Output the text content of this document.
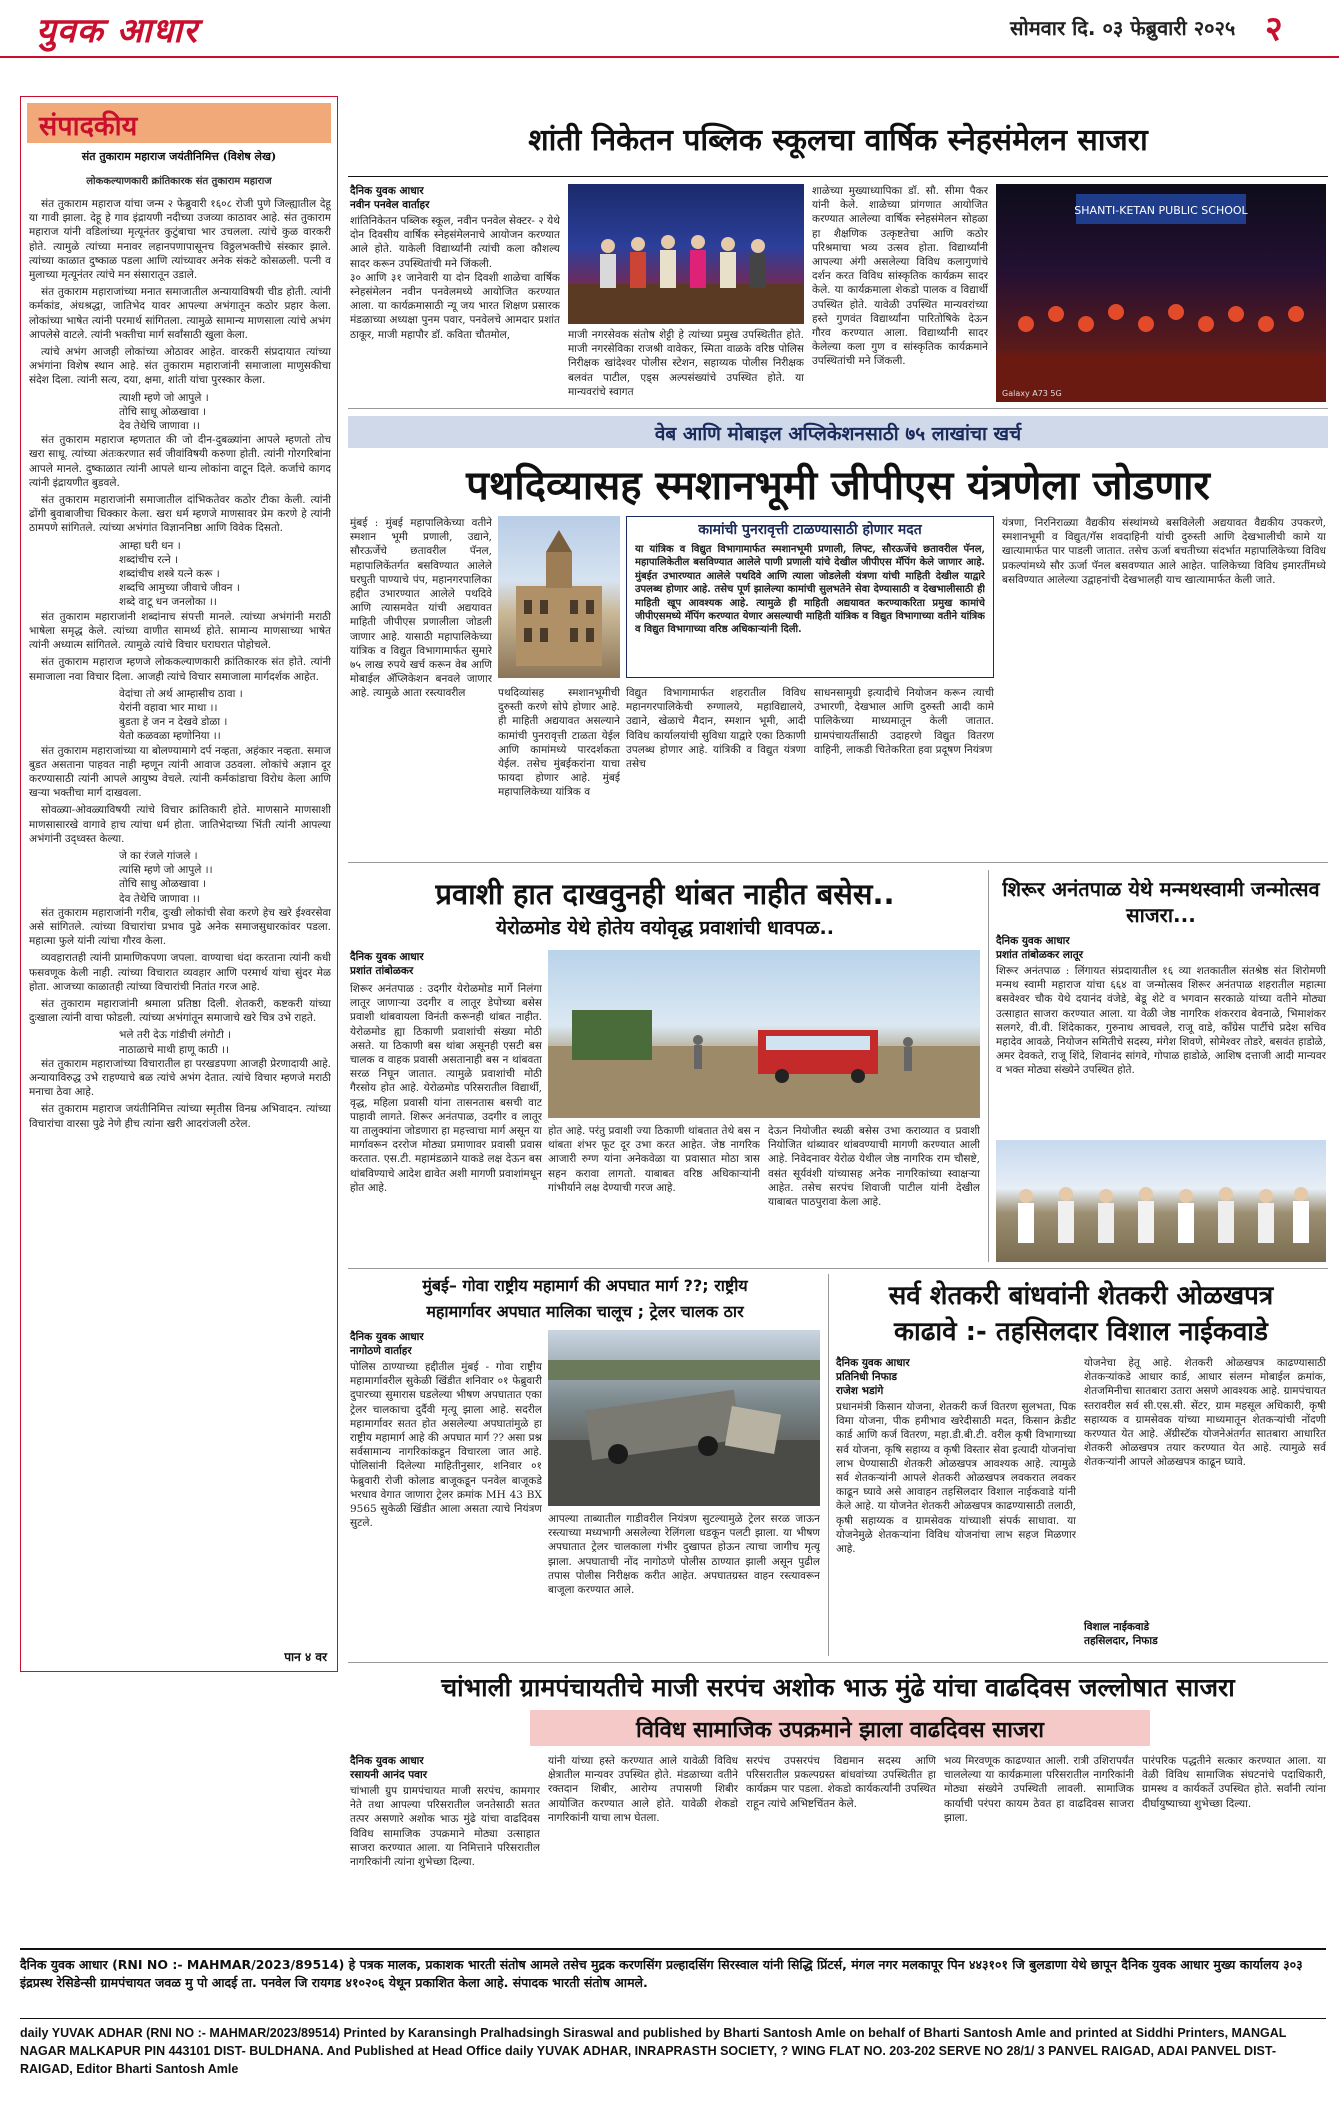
युवक आधार	सोमवार दि. ०३ फेब्रुवारी २०२५ २
संपादकीय
संत तुकाराम महाराज जयंतीनिमित्त (विशेष लेख)
लोककल्याणकारी क्रांतिकारक संत तुकाराम महाराज

संत तुकाराम महाराज यांचा जन्म २ फेब्रुवारी १६०८ रोजी पुणे जिल्ह्यातील देहू या गावी झाला. देहू हे गाव इंद्रायणी नदीच्या उजव्या काठावर आहे. संत तुकाराम महाराज यांनी वडिलांच्या मृत्यूनंतर कुटुंबाचा भार उचलला. त्यांचे कुळ वारकरी होते. त्यामुळे त्यांच्या मनावर लहानपणापासूनच विठ्ठलभक्तीचे संस्कार झाले. त्यांच्या काळात दुष्काळ पडला आणि त्यांच्यावर अनेक संकटे कोसळली. पत्नी व मुलाच्या मृत्यूनंतर त्यांचे मन संसारातून उडाले.

संत तुकाराम महाराजांच्या मनात समाजातील अन्यायाविषयी चीड होती. त्यांनी कर्मकांड, अंधश्रद्धा, जातिभेद यावर आपल्या अभंगातून कठोर प्रहार केला. लोकांच्या भाषेत त्यांनी परमार्थ सांगितला. त्यामुळे सामान्य माणसाला त्यांचे अभंग आपलेसे वाटले. त्यांनी भक्तीचा मार्ग सर्वांसाठी खुला केला.

त्यांचे अभंग आजही लोकांच्या ओठावर आहेत. वारकरी संप्रदायात त्यांच्या अभंगांना विशेष स्थान आहे. संत तुकाराम महाराजांनी समाजाला माणुसकीचा संदेश दिला. त्यांनी सत्य, दया, क्षमा, शांती यांचा पुरस्कार केला.

त्याशी म्हणे जो आपुले ।
तोचि साधू ओळखावा ।
देव तेथेचि जाणावा ।।

संत तुकाराम महाराज म्हणतात की जो दीन-दुबळ्यांना आपले म्हणतो तोच खरा साधू. त्यांच्या अंतःकरणात सर्व जीवांविषयी करुणा होती. त्यांनी गोरगरिबांना आपले मानले. दुष्काळात त्यांनी आपले धान्य लोकांना वाटून दिले. कर्जाचे कागद त्यांनी इंद्रायणीत बुडवले.

संत तुकाराम महाराजांनी समाजातील दांभिकतेवर कठोर टीका केली. त्यांनी ढोंगी बुवाबाजीचा धिक्कार केला. खरा धर्म म्हणजे माणसावर प्रेम करणे हे त्यांनी ठामपणे सांगितले. त्यांच्या अभंगांत विज्ञाननिष्ठा आणि विवेक दिसतो.

आम्हा घरी धन ।
शब्दांचीच रत्ने ।
शब्दांचीच शस्त्रे यत्ने करू ।
शब्दचि आमुच्या जीवाचे जीवन ।
शब्दे वाटू धन जनलोका ।।

संत तुकाराम महाराजांनी शब्दांनाच संपत्ती मानले. त्यांच्या अभंगांनी मराठी भाषेला समृद्ध केले. त्यांच्या वाणीत सामर्थ्य होते. सामान्य माणसाच्या भाषेत त्यांनी अध्यात्म सांगितले. त्यामुळे त्यांचे विचार घराघरात पोहोचले.

संत तुकाराम महाराज म्हणजे लोककल्याणकारी क्रांतिकारक संत होते. त्यांनी समाजाला नवा विचार दिला. आजही त्यांचे विचार समाजाला मार्गदर्शक आहेत.

वेदांचा तो अर्थ आम्हासीच ठावा ।
येरांनी वहावा भार माथा ।।
बुडता हे जन न देखवे डोळा ।
येतो कळवळा म्हणोनिया ।।

संत तुकाराम महाराजांच्या या बोलण्यामागे दर्प नव्हता, अहंकार नव्हता. समाज बुडत असताना पाहवत नाही म्हणून त्यांनी आवाज उठवला. लोकांचे अज्ञान दूर करण्यासाठी त्यांनी आपले आयुष्य वेचले. त्यांनी कर्मकांडाचा विरोध केला आणि खऱ्या भक्तीचा मार्ग दाखवला.

सोवळ्या-ओवळ्याविषयी त्यांचे विचार क्रांतिकारी होते. माणसाने माणसाशी माणसासारखे वागावे हाच त्यांचा धर्म होता. जातिभेदाच्या भिंती त्यांनी आपल्या अभंगांनी उद्ध्वस्त केल्या.

जे का रंजले गांजले ।
त्यांसि म्हणे जो आपुले ।।
तोचि साधु ओळखावा ।
देव तेथेचि जाणावा ।।

संत तुकाराम महाराजांनी गरीब, दुःखी लोकांची सेवा करणे हेच खरे ईश्वरसेवा असे सांगितले. त्यांच्या विचारांचा प्रभाव पुढे अनेक समाजसुधारकांवर पडला. महात्मा फुले यांनी त्यांचा गौरव केला.

व्यवहारातही त्यांनी प्रामाणिकपणा जपला. वाण्याचा धंदा करताना त्यांनी कधी फसवणूक केली नाही. त्यांच्या विचारात व्यवहार आणि परमार्थ यांचा सुंदर मेळ होता. आजच्या काळातही त्यांच्या विचारांची नितांत गरज आहे.

संत तुकाराम महाराजांनी श्रमाला प्रतिष्ठा दिली. शेतकरी, कष्टकरी यांच्या दुःखाला त्यांनी वाचा फोडली. त्यांच्या अभंगांतून समाजाचे खरे चित्र उभे राहते.

भले तरी देऊ गांडीची लंगोटी ।
नाठाळाचे माथी हाणू काठी ।।

संत तुकाराम महाराजांच्या विचारातील हा परखडपणा आजही प्रेरणादायी आहे. अन्यायाविरुद्ध उभे राहण्याचे बळ त्यांचे अभंग देतात. त्यांचे विचार म्हणजे मराठी मनाचा ठेवा आहे.

संत तुकाराम महाराज जयंतीनिमित्त त्यांच्या स्मृतीस विनम्र अभिवादन. त्यांच्या विचारांचा वारसा पुढे नेणे हीच त्यांना खरी आदरांजली ठरेल.

पान ४ वर
शांती निकेतन पब्लिक स्कूलचा वार्षिक स्नेहसंमेलन साजरा
दैनिक युवक आधार
नवीन पनवेल वार्ताहर
शांतिनिकेतन पब्लिक स्कूल, नवीन पनवेल सेक्टर- २ येथे दोन दिवसीय वार्षिक स्नेहसंमेलनाचे आयोजन करण्यात आले होते. याकेली विद्यार्थ्यांनी त्यांची कला कौशल्य सादर करून उपस्थितांची मने जिंकली.
३० आणि ३१ जानेवारी या दोन दिवशी शाळेचा वार्षिक स्नेहसंमेलन नवीन पनवेलमध्ये आयोजित करण्यात आला. या कार्यक्रमासाठी न्यू जय भारत शिक्षण प्रसारक मंडळाच्या अध्यक्षा पुनम पवार, पनवेलचे आमदार प्रशांत ठाकूर, माजी महापौर डॉ. कविता चौतमोल,	माजी नगरसेवक संतोष शेट्टी हे त्यांच्या प्रमुख उपस्थितीत होते. माजी नगरसेविका राजश्री वावेकर, स्मिता वाळके वरिष्ठ पोलिस निरीक्षक खांदेश्वर पोलीस स्टेशन, सहाय्यक पोलीस निरीक्षक बलवंत पाटील, एड्स अल्पसंख्यांचे उपस्थित होते. या मान्यवरांचे स्वागत
शाळेच्या मुख्याध्यापिका डॉ. सौ. सीमा पैकर यांनी केले. शाळेच्या प्रांगणात आयोजित करण्यात आलेल्या वार्षिक स्नेहसंमेलन सोहळा हा शैक्षणिक उत्कृष्टतेचा आणि कठोर परिश्रमाचा भव्य उत्सव होता. विद्यार्थ्यांनी आपल्या अंगी असलेल्या विविध कलागुणांचे दर्शन करत विविध सांस्कृतिक कार्यक्रम सादर केले. या कार्यक्रमाला शेकडो पालक व विद्यार्थी उपस्थित होते. यावेळी उपस्थित मान्यवरांच्या हस्ते गुणवंत विद्यार्थ्यांना पारितोषिके देऊन गौरव करण्यात आला. विद्यार्थ्यांनी सादर केलेल्या कला गुण व सांस्कृतिक कार्यक्रमाने उपस्थितांची मने जिंकली.
SHANTI-KETAN PUBLIC SCHOOL
Galaxy A73 5G
वेब आणि मोबाइल अप्लिकेशनसाठी ७५ लाखांचा खर्च
पथदिव्यासह स्मशानभूमी जीपीएस यंत्रणेला जोडणार
मुंबई : मुंबई महापालिकेच्या वतीने स्मशान भूमी प्रणाली, उद्याने, सौरऊर्जेचे छतावरील पॅनल, महापालिकेंतर्गत बसविण्यात आलेले घरघुती पाण्याचे पंप, महानगरपालिका हद्दीत उभारण्यात आलेले पथदिवे आणि त्यासमवेत यांची अद्ययावत माहिती जीपीएस प्रणालीला जोडली जाणार आहे. यासाठी महापालिकेच्या यांत्रिक व विद्युत विभागामार्फत सुमारे ७५ लाख रुपये खर्च करून वेब आणि मोबाईल अ‍ॅप्लिकेशन बनवले जाणार आहे. त्यामुळे आता रस्त्यावरील
कामांची पुनरावृत्ती टाळण्यासाठी होणार मदत
या यांत्रिक व विद्युत विभागामार्फत स्मशानभूमी प्रणाली, लिफ्ट, सौरऊर्जेचे छतावरील पॅनल, महापालिकेतील बसविण्यात आलेले पाणी प्रणाली यांचे देखील जीपीएस मॅपिंग केले जाणार आहे. मुंबईत उभारण्यात आलेले पथदिवे आणि त्याला जोडलेली यंत्रणा यांची माहिती देखील याद्वारे उपलब्ध होणार आहे. तसेच पूर्ण झालेल्या कामांची सुलभतेने सेवा देण्यासाठी व देखभालीसाठी ही माहिती खूप आवश्यक आहे. त्यामुळे ही माहिती अद्ययावत करण्याकरिता प्रमुख कामांचे जीपीएसमध्ये मॅपिंग करण्यात येणार असल्याची माहिती यांत्रिक व विद्युत विभागाच्या वतीने यांत्रिक व विद्युत विभागाच्या वरिष्ठ अधिकाऱ्यांनी दिली.
पथदिव्यांसह स्मशानभूमीची दुरुस्ती करणे सोपे होणार आहे. ही माहिती अद्ययावत असल्याने कामांची पुनरावृत्ती टाळता येईल आणि कामांमध्ये पारदर्शकता येईल. तसेच मुंबईकरांना याचा फायदा होणार आहे. मुंबई महापालिकेच्या यांत्रिक व
विद्युत विभागामार्फत शहरातील विविध महानगरपालिकेची रुग्णालये, महाविद्यालये, उद्याने, खेळाचे मैदान, स्मशान भूमी, आदी विविध कार्यालयांची सुविधा याद्वारे एका ठिकाणी उपलब्ध होणार आहे. यांत्रिकी व विद्युत यंत्रणा तसेच
साधनसामुग्री इत्यादीचे नियोजन करून त्याची उभारणी, देखभाल आणि दुरुस्ती आदी कामे पालिकेच्या माध्यमातून केली जातात. ग्रामपंचायतींसाठी उदाहरणे विद्युत वितरण वाहिनी, लाकडी चितेकरिता हवा प्रदूषण नियंत्रण
यंत्रणा, निरनिराळ्या वैद्यकीय संस्थांमध्ये बसविलेली अद्ययावत वैद्यकीय उपकरणे, स्मशानभूमी व विद्युत/गॅस शवदाहिनी यांची दुरुस्ती आणि देखभालीची कामे या खात्यामार्फत पार पाडली जातात. तसेच ऊर्जा बचतीच्या संदर्भात महापालिकेच्या विविध प्रकल्पांमध्ये सौर ऊर्जा पॅनल बसवण्यात आले आहेत. पालिकेच्या विविध इमारतींमध्ये बसविण्यात आलेल्या उद्वाहनांची देखभालही याच खात्यामार्फत केली जाते.
प्रवाशी हात दाखवुनही थांबत नाहीत बसेस..
येरोळमोड येथे होतेय वयोवृद्ध प्रवाशांची धावपळ..
दैनिक युवक आधार
प्रशांत तांबोळकर
शिरूर अनंतपाळ : उदगीर येरोळमोड मार्गे निलंगा लातूर जाणाऱ्या उदगीर व लातूर डेपोच्या बसेस प्रवाशी थांबवायला विनंती करूनही थांबत नाहीत. येरोळमोड ह्या ठिकाणी प्रवाशांची संख्या मोठी असते. या ठिकाणी बस थांबा असूनही एसटी बस चालक व वाहक प्रवासी असतानाही बस न थांबवता सरळ निघून जातात. त्यामुळे प्रवाशांची मोठी गैरसोय होत आहे. येरोळमोड परिसरातील विद्यार्थी, वृद्ध, महिला प्रवासी यांना तासनतास बसची वाट पाहावी लागते. शिरूर अनंतपाळ, उदगीर व लातूर या तालुक्यांना जोडणारा हा महत्त्वाचा मार्ग असून या मार्गावरून दररोज मोठ्या प्रमाणावर प्रवासी प्रवास करतात. एस.टी. महामंडळाने याकडे लक्ष देऊन बस थांबविण्याचे आदेश द्यावेत अशी मागणी प्रवाशांमधून होत आहे.
होत आहे. परंतु प्रवाशी ज्या ठिकाणी थांबतात तेथे बस न थांबता शंभर फूट दूर उभा करत आहेत. जेष्ठ नागरिक आजारी रुग्ण यांना अनेकवेळा या प्रवासात मोठा त्रास सहन करावा लागतो. याबाबत वरिष्ठ अधिकाऱ्यांनी गांभीर्याने लक्ष देण्याची गरज आहे.
देऊन नियोजीत स्थळी बसेस उभा कराव्यात व प्रवाशी नियोजित थांब्यावर थांबवण्याची मागणी करण्यात आली आहे. निवेदनावर येरोळ येथील जेष्ठ नागरिक राम चौसष्टे, वसंत सूर्यवंशी यांच्यासह अनेक नागरिकांच्या स्वाक्षऱ्या आहेत. तसेच सरपंच शिवाजी पाटील यांनी देखील याबाबत पाठपुरावा केला आहे.
शिरूर अनंतपाळ येथे मन्मथस्वामी जन्मोत्सव साजरा...
दैनिक युवक आधार
प्रशांत तांबोळकर लातूर
शिरूर अनंतपाळ : लिंगायत संप्रदायातील १६ व्या शतकातील संतश्रेष्ठ संत शिरोमणी मन्मथ स्वामी महाराज यांचा ६६४ वा जन्मोत्सव शिरूर अनंतपाळ शहरातील महात्मा बसवेश्वर चौक येथे दयानंद वंजेडे, बेडू शेटे व भगवान सरकाळे यांच्या वतीने मोठ्या उत्साहात साजरा करण्यात आला. या वेळी जेष्ठ नागरिक शंकरराव बेवनाळे, भिमाशंकर सलगरे, वी.वी. शिंदेकाकर, गुरुनाथ आचवले, राजू वाडे, काँग्रेस पार्टीचे प्रदेश सचिव महादेव आवळे, नियोजन समितीचे सदस्य, मंगेश शिवणे, सोमेश्वर तोडरे, बसवंत हाडोळे, अमर देवकते, राजू शिंदे, शिवानंद सांगवे, गोपाळ हाडोळे, आशिष दत्ताजी आदी मान्यवर व भक्त मोठ्या संख्येने उपस्थित होते.
मुंबई– गोवा राष्ट्रीय महामार्ग की अपघात मार्ग ??; राष्ट्रीय
महामार्गावर अपघात मालिका चालूच ; ट्रेलर चालक ठार
दैनिक युवक आधार
नागोठणे वार्ताहर
पोलिस ठाण्याच्या हद्दीतील मुंबई - गोवा राष्ट्रीय महामार्गावरील सुकेळी खिंडीत शनिवार ०१ फेब्रुवारी दुपारच्या सुमारास घडलेल्या भीषण अपघातात एका ट्रेलर चालकाचा दुर्दैवी मृत्यू झाला आहे. सदरील महामार्गावर सतत होत असलेल्या अपघातांमुळे हा राष्ट्रीय महामार्ग आहे की अपघात मार्ग ?? असा प्रश्न सर्वसामान्य नागरिकांकडून विचारला जात आहे. पोलिसांनी दिलेल्या माहितीनुसार, शनिवार ०१ फेब्रुवारी रोजी कोलाड बाजूकडून पनवेल बाजूकडे भरधाव वेगात जाणारा ट्रेलर क्रमांक MH 43 BX 9565 सुकेळी खिंडीत आला असता त्याचे नियंत्रण सुटले.	आपल्या ताब्यातील गाडीवरील नियंत्रण सुटल्यामुळे ट्रेलर सरळ जाऊन रस्त्याच्या मध्यभागी असलेल्या रेलिंगला धडकून पलटी झाला. या भीषण अपघातात ट्रेलर चालकाला गंभीर दुखापत होऊन त्याचा जागीच मृत्यू झाला. अपघाताची नोंद नागोठणे पोलीस ठाण्यात झाली असून पुढील तपास पोलीस निरीक्षक करीत आहेत. अपघातग्रस्त वाहन रस्त्यावरून बाजूला करण्यात आले.
सर्व शेतकरी बांधवांनी शेतकरी ओळखपत्र
काढावे :- तहसिलदार विशाल नाईकवाडे
दैनिक युवक आधार
प्रतिनिधी निफाड
राजेश भडांगे
प्रधानमंत्री किसान योजना, शेतकरी कर्ज वितरण सुलभता, पिक विमा योजना, पीक हमीभाव खरेदीसाठी मदत, किसान क्रेडीट कार्ड आणि कर्ज वितरण, महा.डी.बी.टी. वरील कृषी विभागाच्या सर्व योजना, कृषि सहाय्य व कृषी विस्तार सेवा इत्यादी योजनांचा लाभ घेण्यासाठी शेतकरी ओळखपत्र आवश्यक आहे. त्यामुळे सर्व शेतकऱ्यांनी आपले शेतकरी ओळखपत्र लवकरात लवकर काढून घ्यावे असे आवाहन तहसिलदार विशाल नाईकवाडे यांनी केले आहे. या योजनेत शेतकरी ओळखपत्र काढण्यासाठी तलाठी, कृषी सहाय्यक व ग्रामसेवक यांच्याशी संपर्क साधावा. या योजनेमुळे शेतकऱ्यांना विविध योजनांचा लाभ सहज मिळणार आहे.
योजनेचा हेतू आहे. शेतकरी ओळखपत्र काढण्यासाठी शेतकऱ्यांकडे आधार कार्ड, आधार संलग्न मोबाईल क्रमांक, शेतजमिनीचा सातबारा उतारा असणे आवश्यक आहे. ग्रामपंचायत स्तरावरील सर्व सी.एस.सी. सेंटर, ग्राम महसूल अधिकारी, कृषी सहाय्यक व ग्रामसेवक यांच्या माध्यमातून शेतकऱ्यांची नोंदणी करण्यात येत आहे. ॲग्रीस्टॅक योजनेअंतर्गत सातबारा आधारित शेतकरी ओळखपत्र तयार करण्यात येत आहे. त्यामुळे सर्व शेतकऱ्यांनी आपले ओळखपत्र काढून घ्यावे.
विशाल नाईकवाडे
तहसिलदार, निफाड
चांभाली ग्रामपंचायतीचे माजी सरपंच अशोक भाऊ मुंढे यांचा वाढदिवस जल्लोषात साजरा
विविध सामाजिक उपक्रमाने झाला वाढदिवस साजरा
दैनिक युवक आधार
रसायनी आनंद पवार
चांभाली ग्रुप ग्रामपंचायत माजी सरपंच, कामगार नेते तथा आपल्या परिसरातील जनतेसाठी सतत तत्पर असणारे अशोक भाऊ मुंढे यांचा वाढदिवस विविध सामाजिक उपक्रमाने मोठ्या उत्साहात साजरा करण्यात आला. या निमित्ताने परिसरातील नागरिकांनी त्यांना शुभेच्छा दिल्या.
यांनी यांच्या हस्ते करण्यात आले यावेळी विविध क्षेत्रातील मान्यवर उपस्थित होते. मंडळाच्या वतीने रक्तदान शिबीर, आरोग्य तपासणी शिबीर आयोजित करण्यात आले होते. यावेळी शेकडो नागरिकांनी याचा लाभ घेतला.
सरपंच उपसरपंच विद्यमान सदस्य आणि परिसरातील प्रकल्पग्रस्त बांधवांच्या उपस्थितीत हा कार्यक्रम पार पडला. शेकडो कार्यकर्त्यांनी उपस्थित राहून त्यांचे अभिष्टचिंतन केले.
भव्य मिरवणूक काढण्यात आली. रात्री उशिरापर्यंत चाललेल्या या कार्यक्रमाला परिसरातील नागरिकांनी मोठ्या संख्येने उपस्थिती लावली. सामाजिक कार्याची परंपरा कायम ठेवत हा वाढदिवस साजरा झाला.
पारंपरिक पद्धतीने सत्कार करण्यात आला. या वेळी विविध सामाजिक संघटनांचे पदाधिकारी, ग्रामस्थ व कार्यकर्ते उपस्थित होते. सर्वांनी त्यांना दीर्घायुष्याच्या शुभेच्छा दिल्या.
दैनिक युवक आधार (RNI NO :- MAHMAR/2023/89514) हे पत्रक मालक, प्रकाशक भारती संतोष आमले तसेच मुद्रक करणसिंग प्रल्हादसिंग सिरस्वाल यांनी सिद्धि प्रिंटर्स, मंगल नगर मलकापूर पिन ४४३१०१ जि बुलडाणा येथे छापून दैनिक युवक आधार मुख्य कार्यालय ३०३ इंद्रप्रस्थ रेसिडेन्सी ग्रामपंचायत जवळ मु पो आदई ता. पनवेल जि रायगड ४१०२०६ येथून प्रकाशित केला आहे. संपादक भारती संतोष आमले.
daily YUVAK ADHAR (RNI NO :- MAHMAR/2023/89514) Printed by Karansingh Pralhadsingh Siraswal and published by Bharti Santosh Amle on behalf of Bharti Santosh Amle and printed at Siddhi Printers, MANGAL NAGAR MALKAPUR PIN 443101 DIST- BULDHANA. And Published at Head Office daily YUVAK ADHAR, INRAPRASTH SOCIETY, ? WING FLAT NO. 203-202 SERVE NO 28/1/ 3 PANVEL RAIGAD, ADAI PANVEL DIST- RAIGAD, Editor Bharti Santosh Amle
